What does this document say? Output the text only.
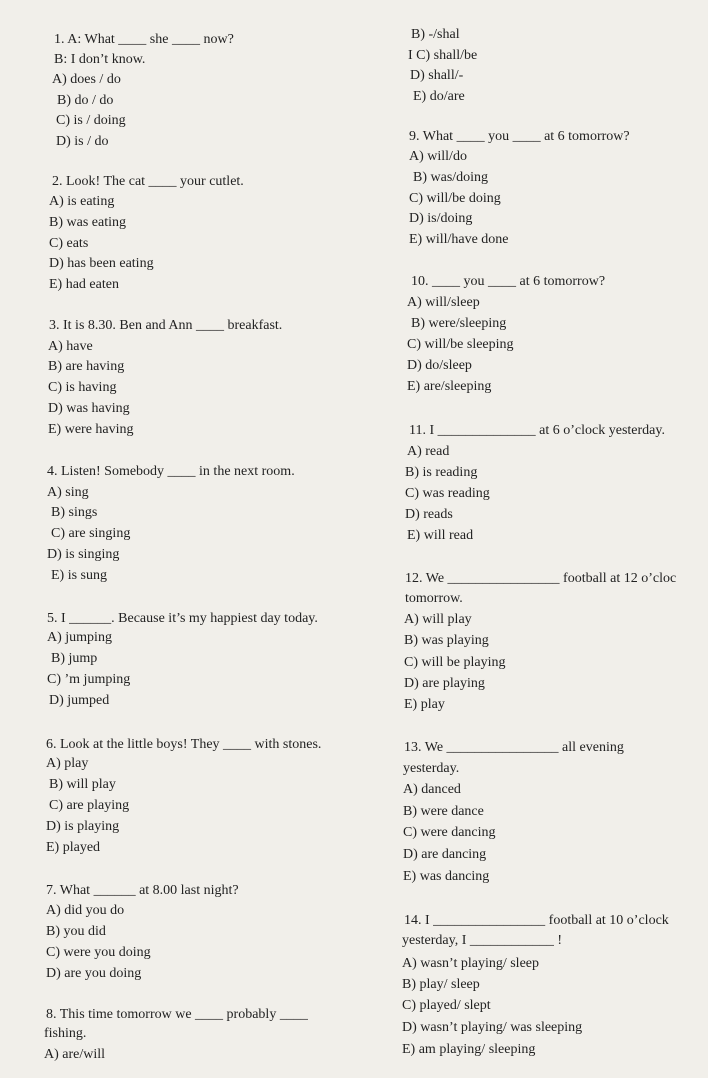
1. A: What ____ she ____ now?
B: I don’t know.
A) does / do
B) do / do
C) is / doing
D) is / do
2. Look! The cat ____ your cutlet.
A) is eating
B) was eating
C) eats
D) has been eating
E) had eaten
3. It is 8.30. Ben and Ann ____ breakfast.
A) have
B) are having
C) is having
D) was having
E) were having
4. Listen! Somebody ____ in the next room.
A) sing
B) sings
C) are singing
D) is singing
E) is sung
5. I ______. Because it’s my happiest day today.
A) jumping
B) jump
C) ’m jumping
D) jumped
6. Look at the little boys! They ____ with stones.
A) play
B) will play
C) are playing
D) is playing
E) played
7. What ______ at 8.00 last night?
A) did you do
B) you did
C) were you doing
D) are you doing
8. This time tomorrow we ____ probably ____
fishing.
A) are/will
B) -/shal
I C) shall/be
D) shall/-
E) do/are
9. What ____ you ____ at 6 tomorrow?
A) will/do
B) was/doing
C) will/be doing
D) is/doing
E) will/have done
10. ____ you ____ at 6 tomorrow?
A) will/sleep
B) were/sleeping
C) will/be sleeping
D) do/sleep
E) are/sleeping
11. I ______________ at 6 o’clock yesterday.
A) read
B) is reading
C) was reading
D) reads
E) will read
12. We ________________ football at 12 o’cloc
tomorrow.
A) will play
B) was playing
C) will be playing
D) are playing
E) play
13. We ________________ all evening
yesterday.
A) danced
B) were dance
C) were dancing
D) are dancing
E) was dancing
14. I ________________ football at 10 o’clock
yesterday, I ____________ !
A) wasn’t playing/ sleep
B) play/ sleep
C) played/ slept
D) wasn’t playing/ was sleeping
E) am playing/ sleeping
